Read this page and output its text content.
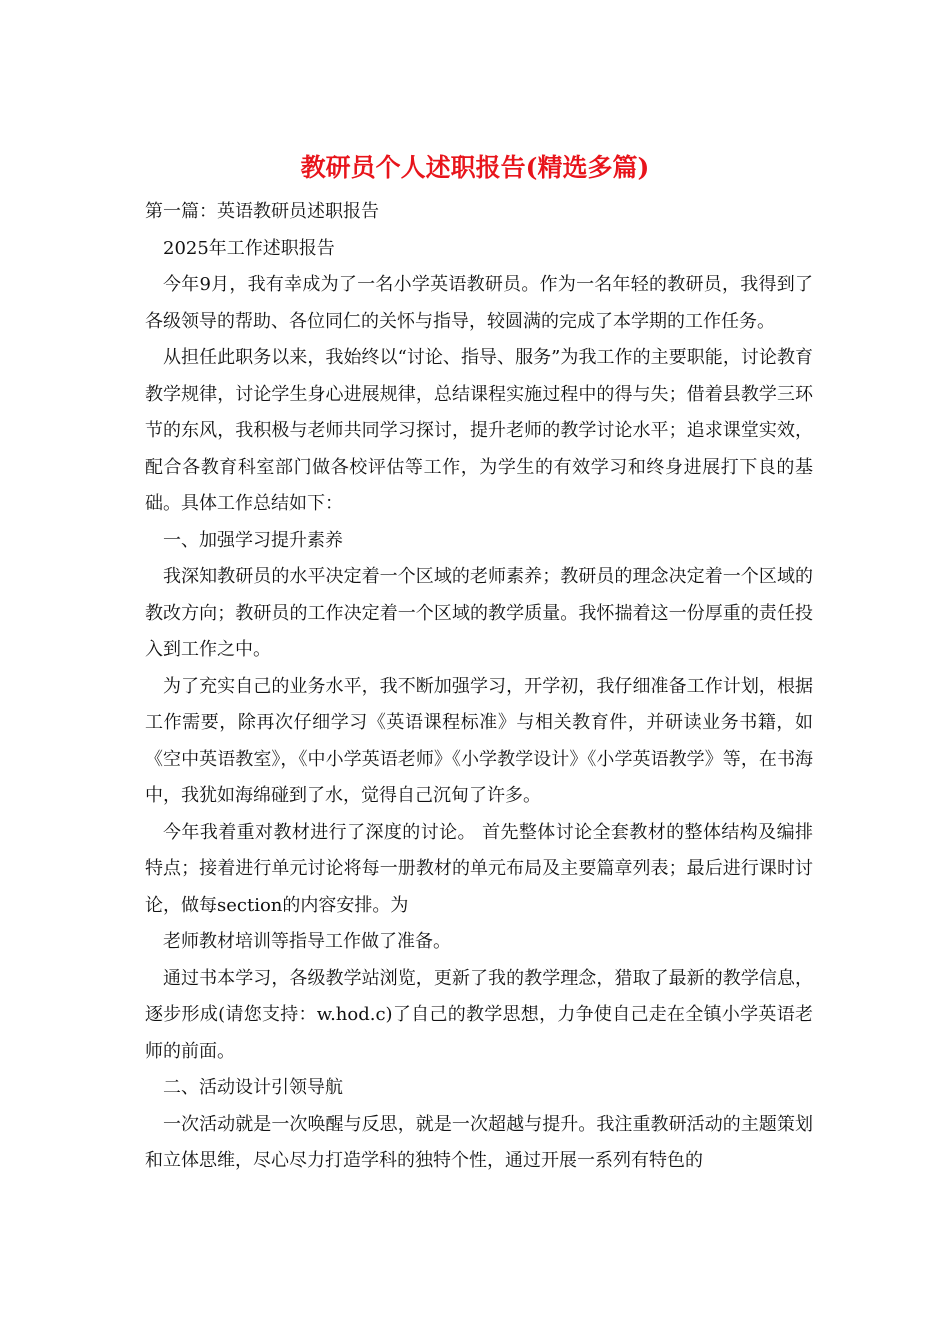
教研员个人述职报告(精选多篇)

第一篇：英语教研员述职报告

2025年工作述职报告

今年9月，我有幸成为了一名小学英语教研员。作为一名年轻的教研员，我得到了各级领导的帮助、各位同仁的关怀与指导，较圆满的完成了本学期的工作任务。

从担任此职务以来，我始终以“讨论、指导、服务”为我工作的主要职能，讨论教育教学规律，讨论学生身心进展规律，总结课程实施过程中的得与失；借着县教学三环节的东风，我积极与老师共同学习探讨，提升老师的教学讨论水平；追求课堂实效，配合各教育科室部门做各校评估等工作，为学生的有效学习和终身进展打下良的基础。具体工作总结如下：

一、加强学习提升素养

我深知教研员的水平决定着一个区域的老师素养；教研员的理念决定着一个区域的教改方向；教研员的工作决定着一个区域的教学质量。我怀揣着这一份厚重的责任投入到工作之中。

为了充实自己的业务水平，我不断加强学习，开学初，我仔细准备工作计划，根据工作需要，除再次仔细学习《英语课程标准》与相关教育件，并研读业务书籍，如《空中英语教室》，《中小学英语老师》《小学教学设计》《小学英语教学》等，在书海中，我犹如海绵碰到了水，觉得自己沉甸了许多。

今年我着重对教材进行了深度的讨论。 首先整体讨论全套教材的整体结构及编排特点；接着进行单元讨论将每一册教材的单元布局及主要篇章列表；最后进行课时讨论，做每section的内容安排。为

老师教材培训等指导工作做了准备。

通过书本学习，各级教学站浏览，更新了我的教学理念，猎取了最新的教学信息，逐步形成(请您支持：w.hod.c)了自己的教学思想，力争使自己走在全镇小学英语老师的前面。

二、活动设计引领导航

一次活动就是一次唤醒与反思，就是一次超越与提升。我注重教研活动的主题策划和立体思维，尽心尽力打造学科的独特个性，通过开展一系列有特色的
